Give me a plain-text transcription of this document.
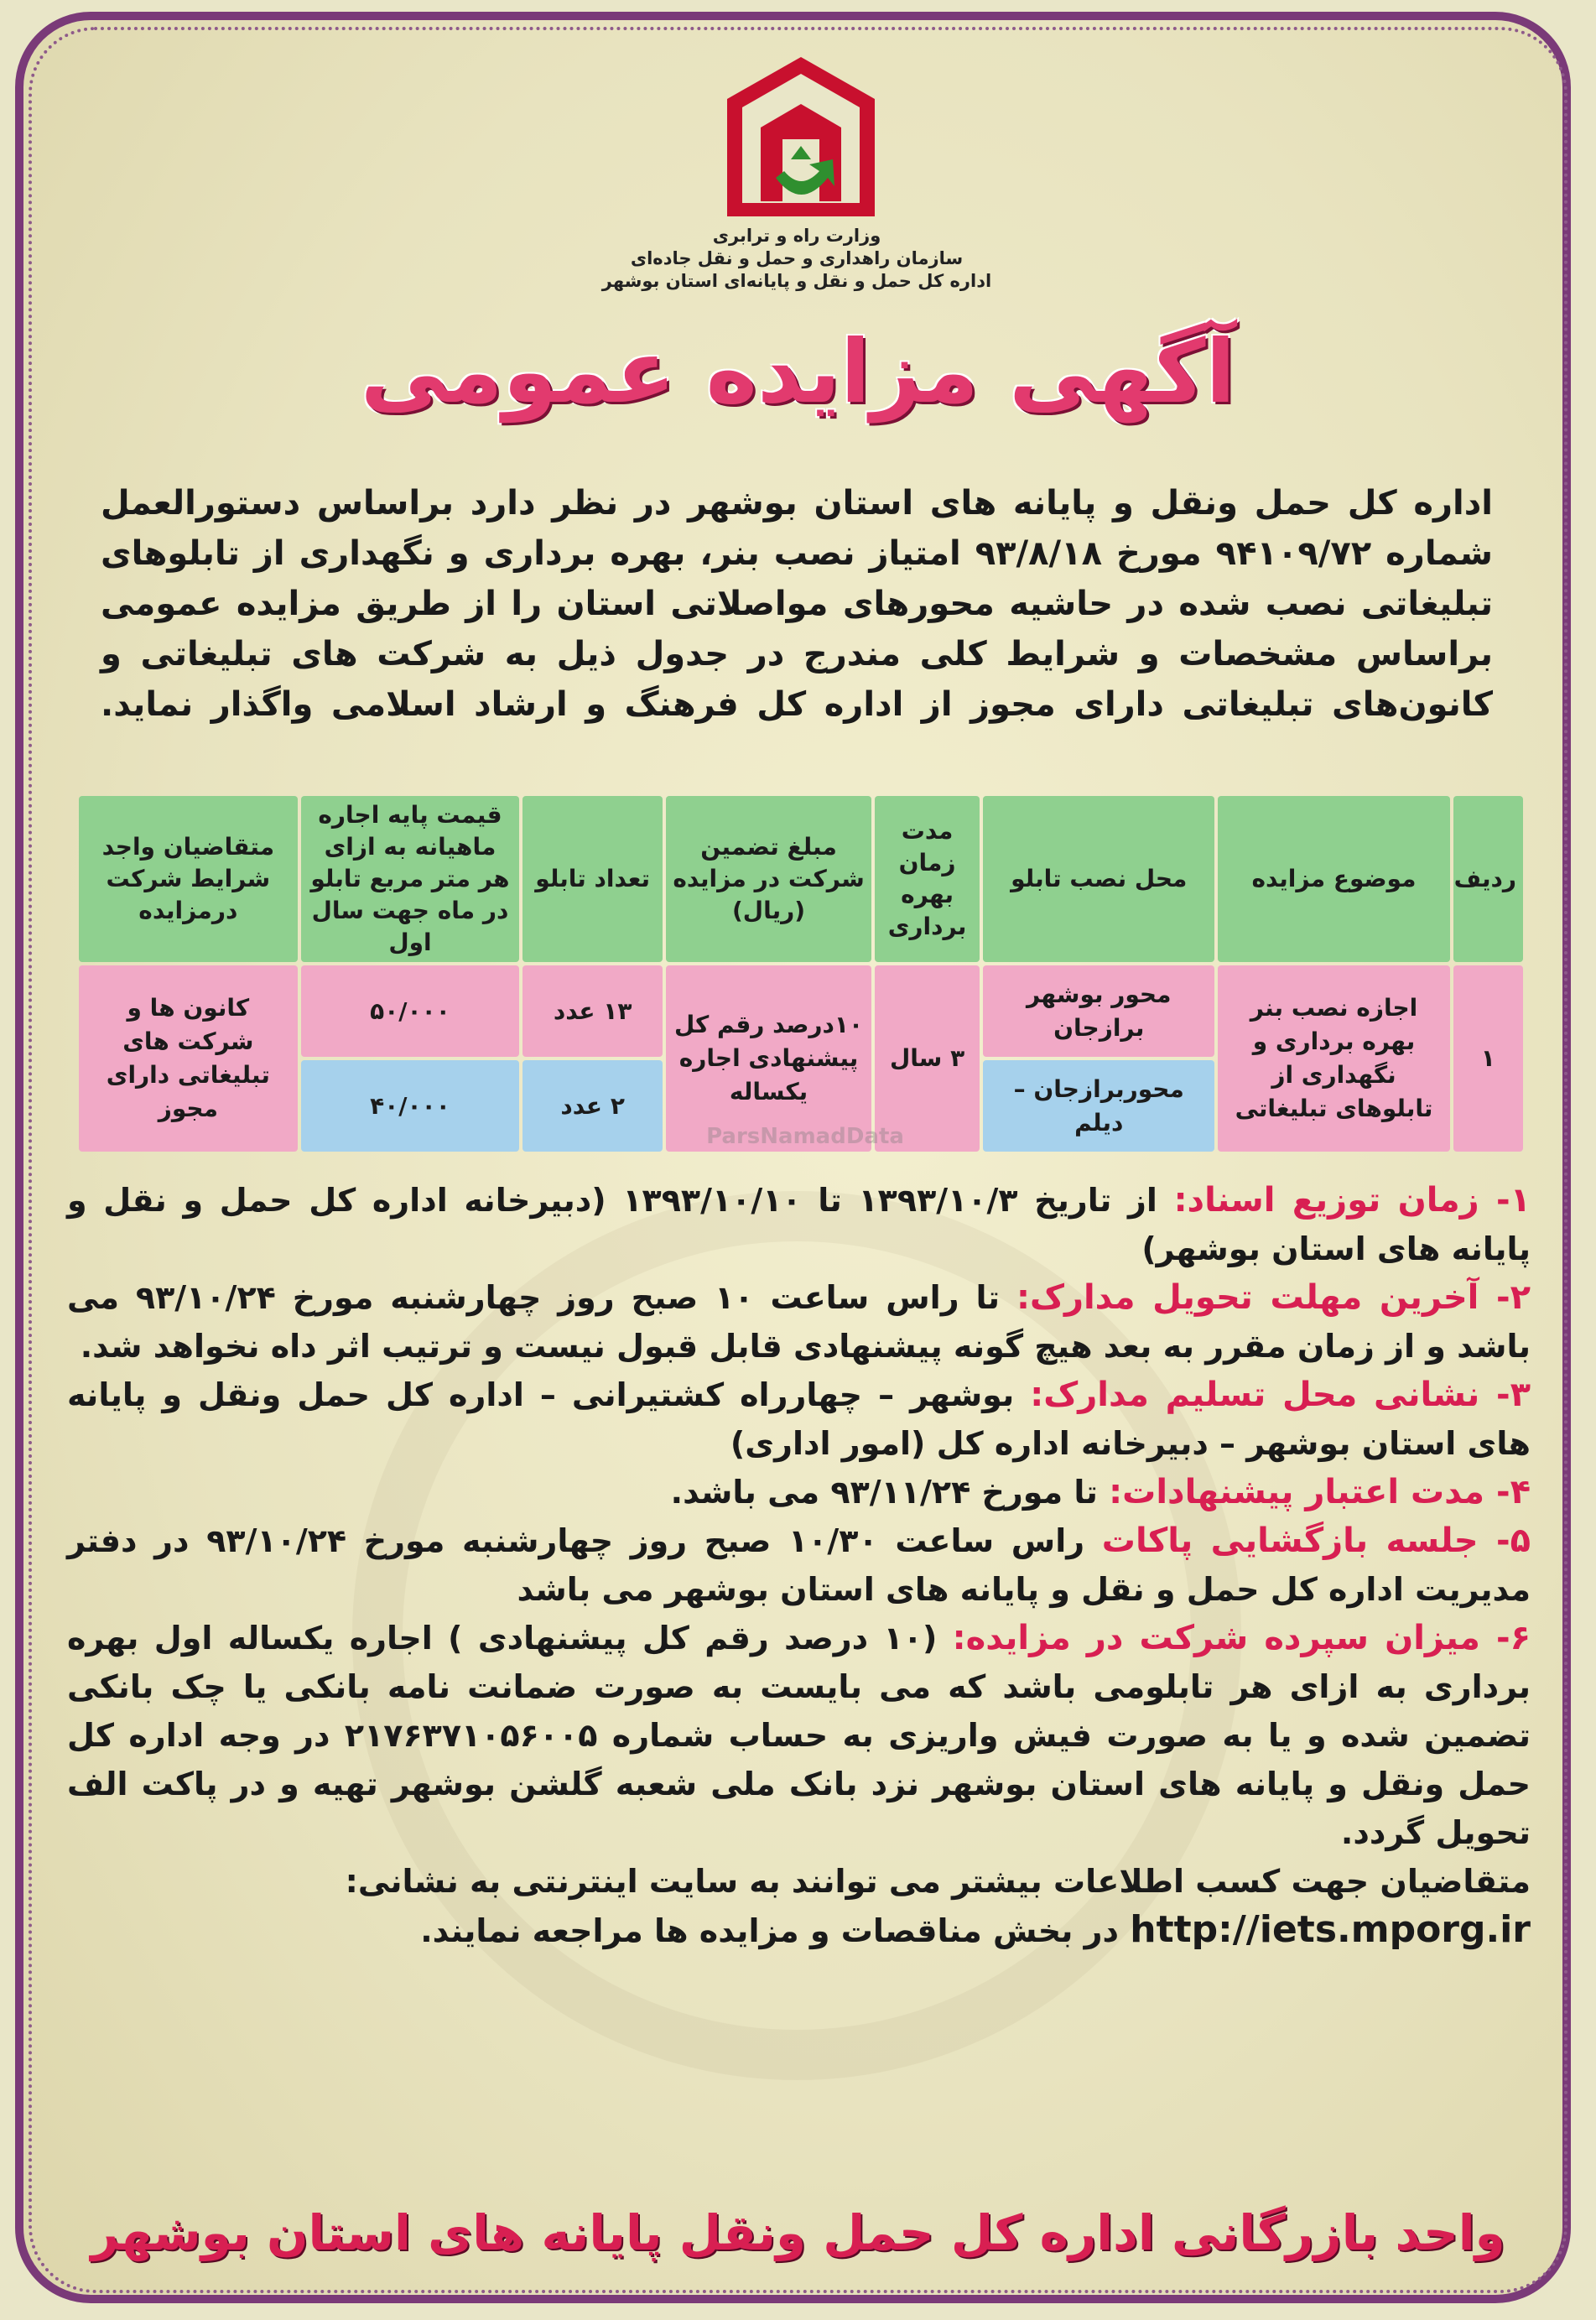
وزارت راه و ترابری
سازمان راهداری و حمل و نقل جاده‌ای
اداره کل حمل و نقل و پایانه‌ای استان بوشهر
آگهی مزایده عمومی

اداره کل حمل ونقل و پایانه های استان بوشهر در نظر دارد براساس دستورالعمل شماره ۹۴۱۰۹/۷۲ مورخ ۹۳/۸/۱۸ امتیاز نصب بنر، بهره برداری و نگهداری از تابلوهای تبلیغاتی نصب شده در حاشیه محورهای مواصلاتی استان را از طریق مزایده عمومی براساس مشخصات و شرایط کلی مندرج در جدول ذیل به شرکت های تبلیغاتی و کانون‌های تبلیغاتی دارای مجوز از اداره کل فرهنگ و ارشاد اسلامی واگذار نماید.

ردیف	موضوع مزایده	محل نصب تابلو	مدت زمان بهره برداری	مبلغ تضمین شرکت در مزایده (ریال)	تعداد تابلو	قیمت پایه اجاره ماهیانه به ازای هر متر مربع تابلو در ماه جهت سال اول	متقاضیان واجد شرایط شرکت درمزایده
۱	اجازه نصب بنر بهره برداری و نگهداری از تابلوهای تبلیغاتی	محور بوشهر برازجان	۳ سال	۱۰درصد رقم کل پیشنهادی اجاره یکساله	۱۳ عدد	۵۰/۰۰۰	کانون ها و شرکت های تبلیغاتی دارای مجوز
		محوربرازجان – دیلم			۲ عدد	۴۰/۰۰۰	
ParsNamadData

۱- زمان توزیع اسناد: از تاریخ ۱۳۹۳/۱۰/۳ تا ۱۳۹۳/۱۰/۱۰ (دبیرخانه اداره کل حمل و نقل و پایانه های استان بوشهر)

۲- آخرین مهلت تحویل مدارک: تا راس ساعت ۱۰ صبح روز چهارشنبه مورخ ۹۳/۱۰/۲۴ می باشد و از زمان مقرر به بعد هیچ گونه پیشنهادی قابل قبول نیست و ترتیب اثر داه نخواهد شد.

۳- نشانی محل تسلیم مدارک: بوشهر – چهارراه کشتیرانی – اداره کل حمل ونقل و پایانه های استان بوشهر – دبیرخانه اداره کل (امور اداری)

۴- مدت اعتبار پیشنهادات: تا مورخ ۹۳/۱۱/۲۴ می باشد.

۵- جلسه بازگشایی پاکات راس ساعت ۱۰/۳۰ صبح روز چهارشنبه مورخ ۹۳/۱۰/۲۴ در دفتر مدیریت اداره کل حمل و نقل و پایانه های استان بوشهر می باشد

۶- میزان سپرده شرکت در مزایده: (۱۰ درصد رقم کل پیشنهادی ) اجاره یکساله اول بهره برداری به ازای هر تابلومی باشد که می بایست به صورت ضمانت نامه بانکی یا چک بانکی تضمین شده و یا به صورت فیش واریزی به حساب شماره ۲۱۷۶۳۷۱۰۵۶۰۰۵ در وجه اداره کل حمل ونقل و پایانه های استان بوشهر نزد بانک ملی شعبه گلشن بوشهر تهیه و در پاکت الف تحویل گردد.

متقاضیان جهت کسب اطلاعات بیشتر می توانند به سایت اینترنتی به نشانی:
http://iets.mporg.ir در بخش مناقصات و مزایده ها مراجعه نمایند.

واحد بازرگانی اداره کل حمل ونقل پایانه های استان بوشهر
